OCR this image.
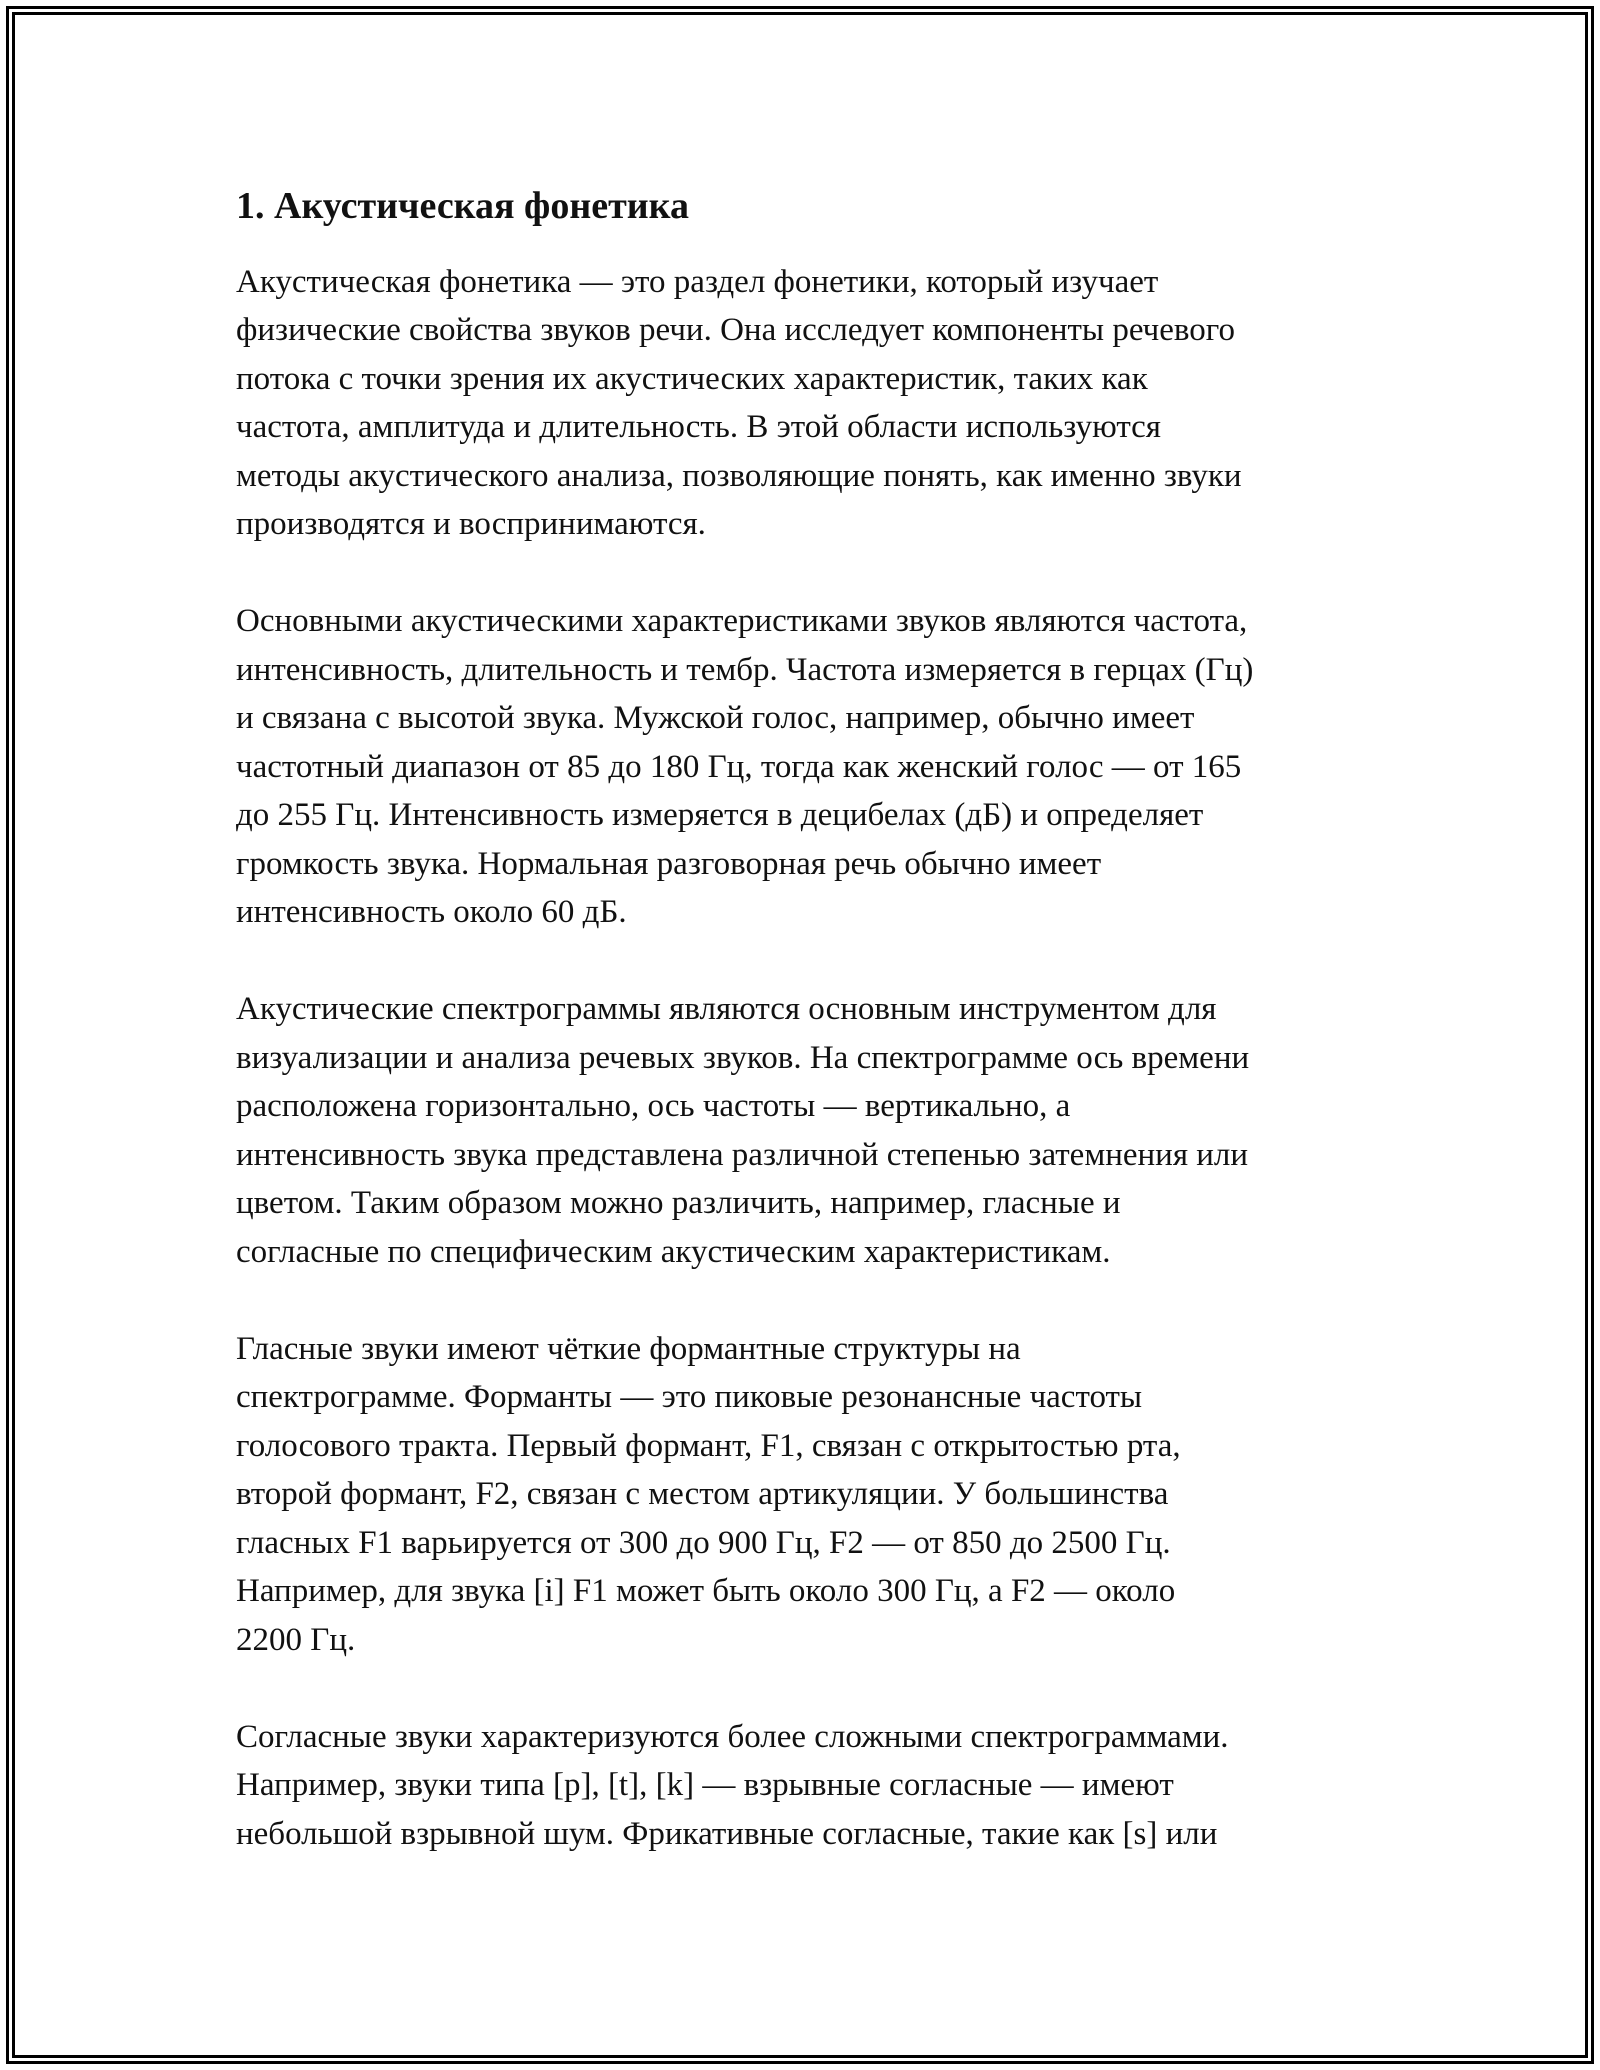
1. Акустическая фонетика

Акустическая фонетика — это раздел фонетики, который изучает
физические свойства звуков речи. Она исследует компоненты речевого
потока с точки зрения их акустических характеристик, таких как
частота, амплитуда и длительность. В этой области используются
методы акустического анализа, позволяющие понять, как именно звуки
производятся и воспринимаются.

Основными акустическими характеристиками звуков являются частота,
интенсивность, длительность и тембр. Частота измеряется в герцах (Гц)
и связана с высотой звука. Мужской голос, например, обычно имеет
частотный диапазон от 85 до 180 Гц, тогда как женский голос — от 165
до 255 Гц. Интенсивность измеряется в децибелах (дБ) и определяет
громкость звука. Нормальная разговорная речь обычно имеет
интенсивность около 60 дБ.

Акустические спектрограммы являются основным инструментом для
визуализации и анализа речевых звуков. На спектрограмме ось времени
расположена горизонтально, ось частоты — вертикально, а
интенсивность звука представлена различной степенью затемнения или
цветом. Таким образом можно различить, например, гласные и
согласные по специфическим акустическим характеристикам.

Гласные звуки имеют чёткие формантные структуры на
спектрограмме. Форманты — это пиковые резонансные частоты
голосового тракта. Первый формант, F1, связан с открытостью рта,
второй формант, F2, связан с местом артикуляции. У большинства
гласных F1 варьируется от 300 до 900 Гц, F2 — от 850 до 2500 Гц.
Например, для звука [i] F1 может быть около 300 Гц, а F2 — около
2200 Гц.

Согласные звуки характеризуются более сложными спектрограммами.
Например, звуки типа [p], [t], [k] — взрывные согласные — имеют
небольшой взрывной шум. Фрикативные согласные, такие как [s] или
